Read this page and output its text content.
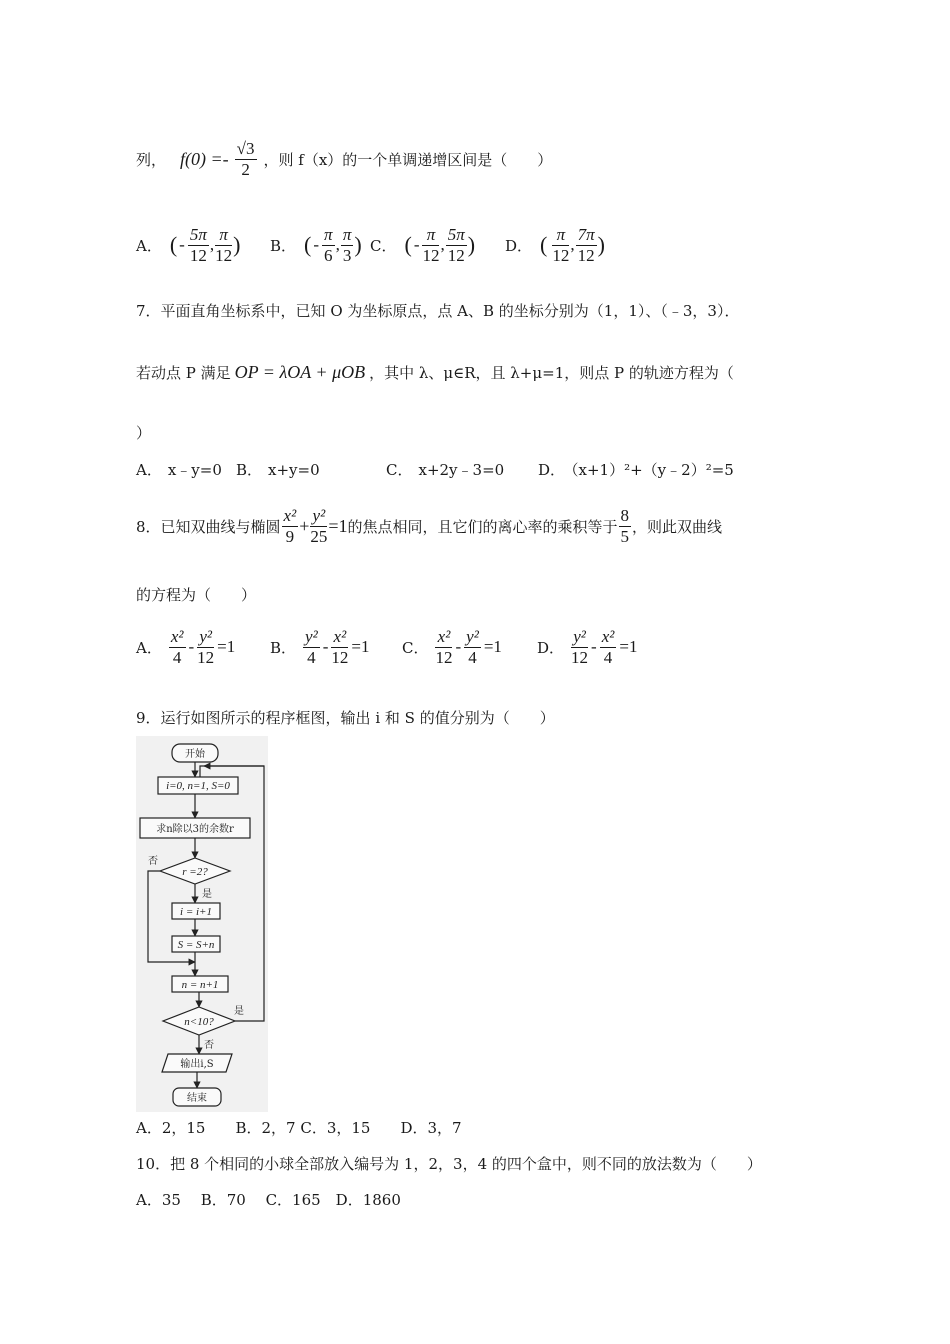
列， f(0) = - $\frac{√3}{2}$ ，则 f（x）的一个单调递增区间是（　　）
A． ( - $\frac{5\pi}{12}$ , $\frac{\pi}{12}$ ) B． ( - $\frac{\pi}{6}$ , $\frac{\pi}{3}$ ) C． ( - $\frac{\pi}{12}$ , $\frac{5\pi}{12}$ ) D． ( $\frac{\pi}{12}$ , $\frac{7\pi}{12}$ )
7．平面直角坐标系中，已知 O 为坐标原点，点 A、B 的坐标分别为（1，1）、（﹣3，3）．
若动点 P 满足 OP = λOA + μOB ，其中 λ、μ∈R，且 λ+μ=1，则点 P 的轨迹方程为（
）
A． x﹣y=0 B． x+y=0	C． x+2y﹣3=0 D． （x+1）²+（y﹣2）²=5
8．已知双曲线与椭圆 $\frac{\text{x²}}{9} + \frac{\text{y²}}{25} =1$ 的焦点相同，且它们的离心率的乘积等于 $\frac{8}{5}$ ，则此双曲线
的方程为（　　）
A． $\frac{\text{x²}}{4} - \frac{\text{y²}}{12} =1$ B． $\frac{\text{y²}}{4} - \frac{\text{x²}}{12} =1$ C． $\frac{\text{x²}}{12} - \frac{\text{y²}}{4} =1$ D． $\frac{\text{y²}}{12} - \frac{\text{x²}}{4} =1$
9．运行如图所示的程序框图，输出 i 和 S 的值分别为（　　）
开始
i=0, n=1, S=0
求n除以3的余数r
r =2?
是
否
i = i+1
S = S+n
n = n+1
n<10?
是
否
输出i,S
结束
A．2，15　　B．2，7 C．3，15　　D．3，7
10．把 8 个相同的小球全部放入编号为 1，2，3，4 的四个盒中，则不同的放法数为（　　）
A．35　 B．70　 C．165　D．1860
